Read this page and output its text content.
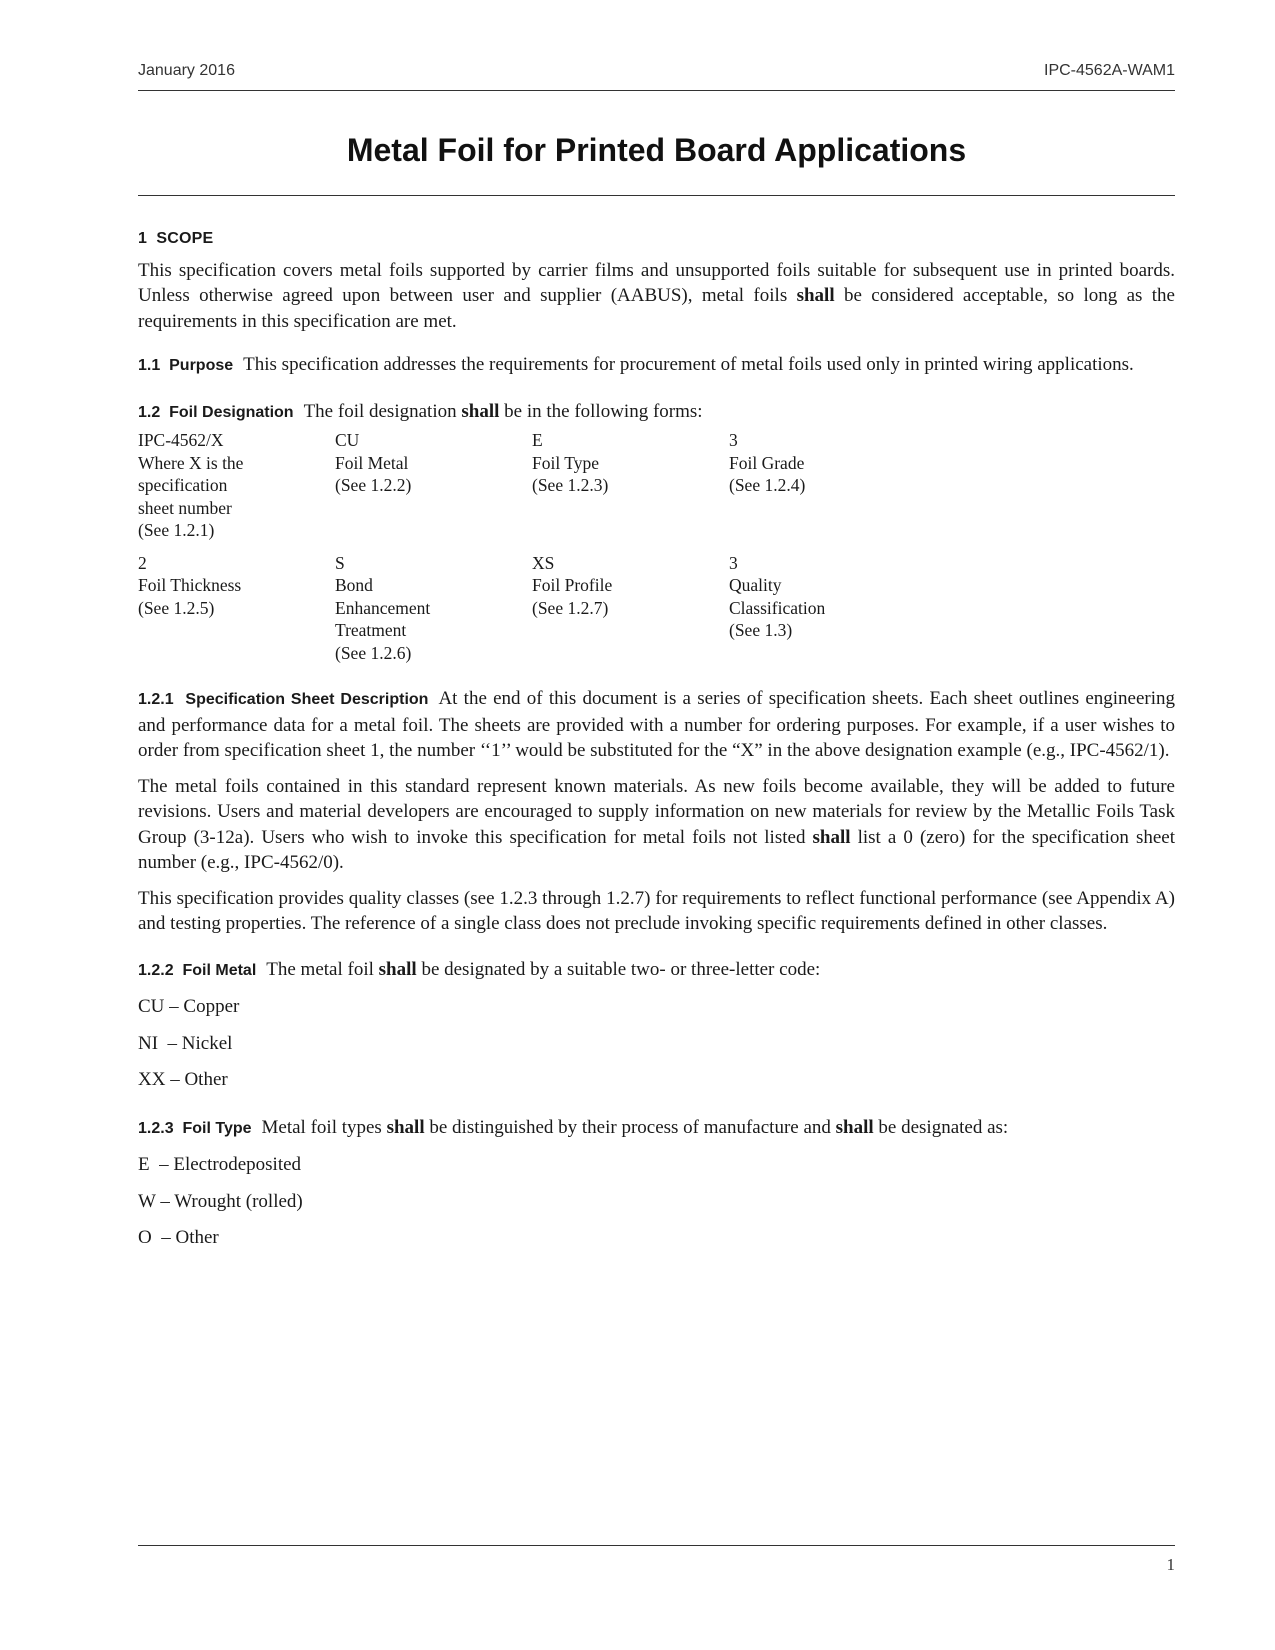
January 2016	IPC-4562A-WAM1
Metal Foil for Printed Board Applications
1  SCOPE

This specification covers metal foils supported by carrier films and unsupported foils suitable for subsequent use in printed boards. Unless otherwise agreed upon between user and supplier (AABUS), metal foils shall be considered acceptable, so long as the requirements in this specification are met.

1.1  Purpose This specification addresses the requirements for procurement of metal foils used only in printed wiring applications.

1.2  Foil Designation The foil designation shall be in the following forms:

IPC-4562/X
Where X is the
specification
sheet number
(See 1.2.1)
CU
Foil Metal
(See 1.2.2)
E
Foil Type
(See 1.2.3)
3
Foil Grade
(See 1.2.4)
2
Foil Thickness
(See 1.2.5)
S
Bond
Enhancement
Treatment
(See 1.2.6)
XS
Foil Profile
(See 1.2.7)
3
Quality
Classification
(See 1.3)

1.2.1  Specification Sheet Description At the end of this document is a series of specification sheets. Each sheet outlines engineering and performance data for a metal foil. The sheets are provided with a number for ordering purposes. For example, if a user wishes to order from specification sheet 1, the number ‘‘1’’ would be substituted for the “X” in the above designation example (e.g., IPC-4562/1).

The metal foils contained in this standard represent known materials. As new foils become available, they will be added to future revisions. Users and material developers are encouraged to supply information on new materials for review by the Metallic Foils Task Group (3-12a). Users who wish to invoke this specification for metal foils not listed shall list a 0 (zero) for the specification sheet number (e.g., IPC-4562/0).

This specification provides quality classes (see 1.2.3 through 1.2.7) for requirements to reflect functional performance (see Appendix A) and testing properties. The reference of a single class does not preclude invoking specific requirements defined in other classes.

1.2.2  Foil Metal The metal foil shall be designated by a suitable two- or three-letter code:

CU – Copper

NI  – Nickel

XX – Other

1.2.3  Foil Type Metal foil types shall be distinguished by their process of manufacture and shall be designated as:

E  – Electrodeposited

W – Wrought (rolled)

O  – Other

1
